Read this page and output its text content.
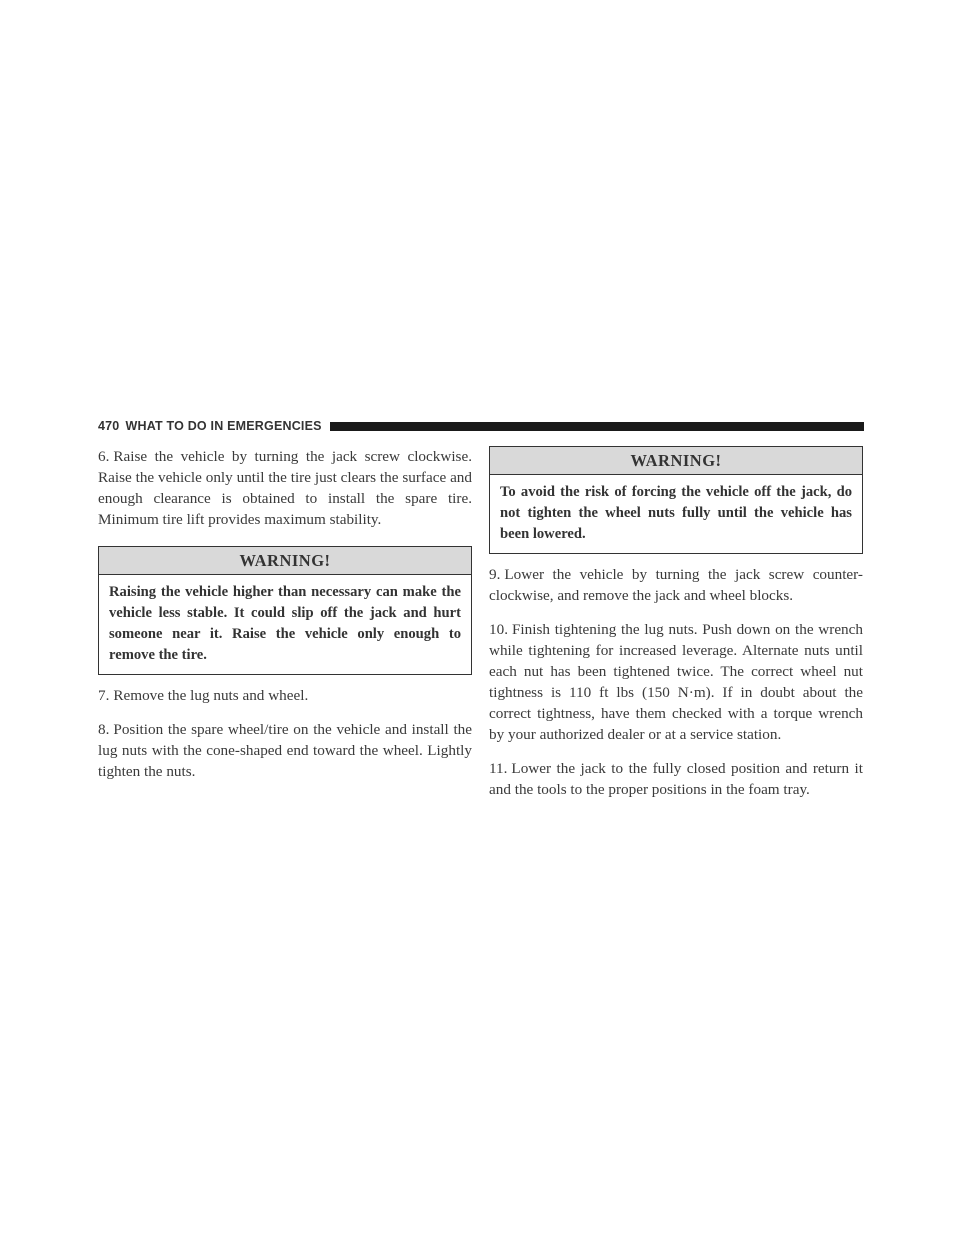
470 WHAT TO DO IN EMERGENCIES

6. Raise the vehicle by turning the jack screw clockwise. Raise the vehicle only until the tire just clears the surface and enough clearance is obtained to install the spare tire. Minimum tire lift provides maximum stability.

WARNING!
Raising the vehicle higher than necessary can make the vehicle less stable. It could slip off the jack and hurt someone near it. Raise the vehicle only enough to remove the tire.

7. Remove the lug nuts and wheel.

8. Position the spare wheel/tire on the vehicle and install the lug nuts with the cone-shaped end toward the wheel. Lightly tighten the nuts.

WARNING!
To avoid the risk of forcing the vehicle off the jack, do not tighten the wheel nuts fully until the vehicle has been lowered.

9. Lower the vehicle by turning the jack screw counter-clockwise, and remove the jack and wheel blocks.

10. Finish tightening the lug nuts. Push down on the wrench while tightening for increased leverage. Alternate nuts until each nut has been tightened twice. The correct wheel nut tightness is 110 ft lbs (150 N·m). If in doubt about the correct tightness, have them checked with a torque wrench by your authorized dealer or at a service station.

11. Lower the jack to the fully closed position and return it and the tools to the proper positions in the foam tray.
